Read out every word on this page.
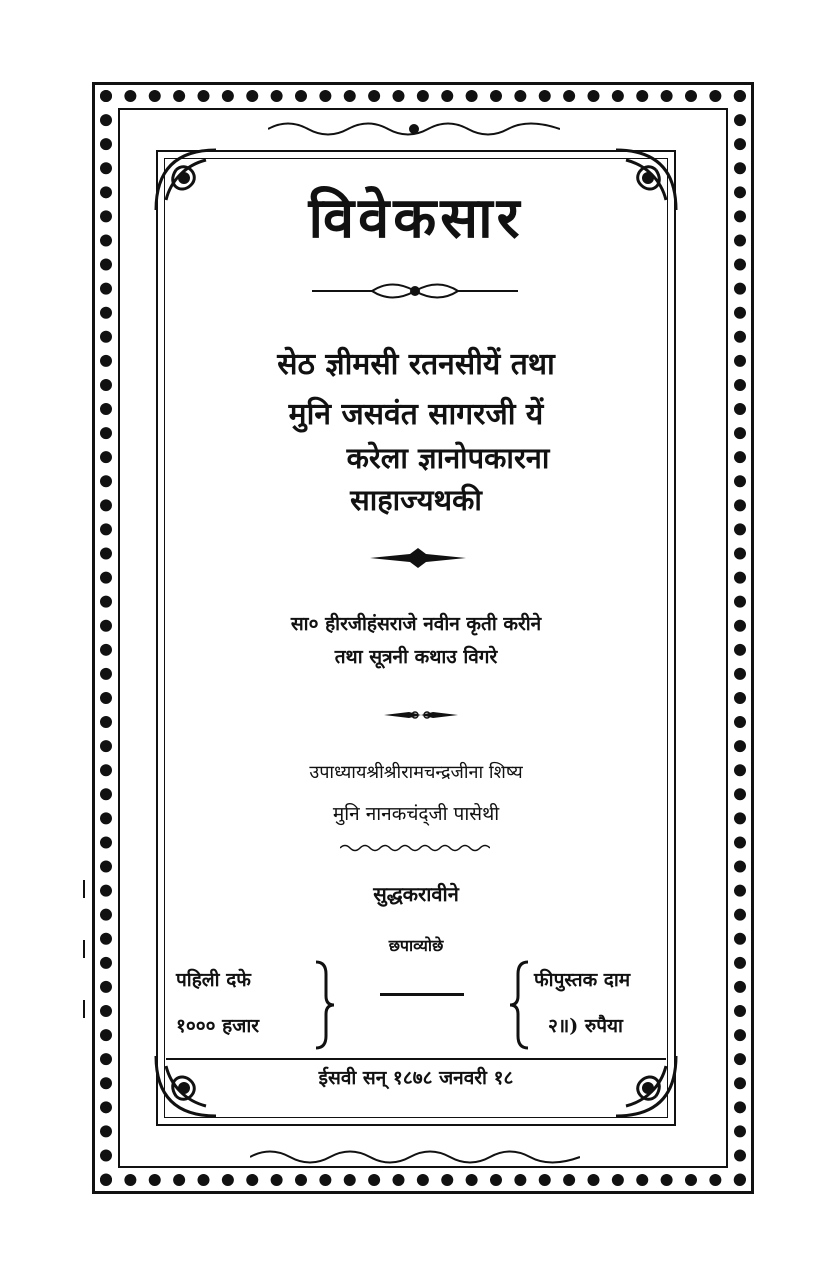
विवेकसार
सेठ ज्ञीमसी रतनसीयें तथा
मुनि जसवंत सागरजी यें
करेला ज्ञानोपकारना
साहाज्यथकी
सा० हीरजीहंसराजे नवीन कृती करीने
तथा सूत्रनी कथाउ विगरे
उपाध्यायश्रीश्रीरामचन्द्रजीना शिष्य
मुनि नानकचंद्जी पासेथी
सुद्धकरावीने
छपाव्योछे
पहिली दफे
१००० हजार
फीपुस्तक दाम
२॥) रुपैया
ईसवी सन् १८७८ जनवरी १८
